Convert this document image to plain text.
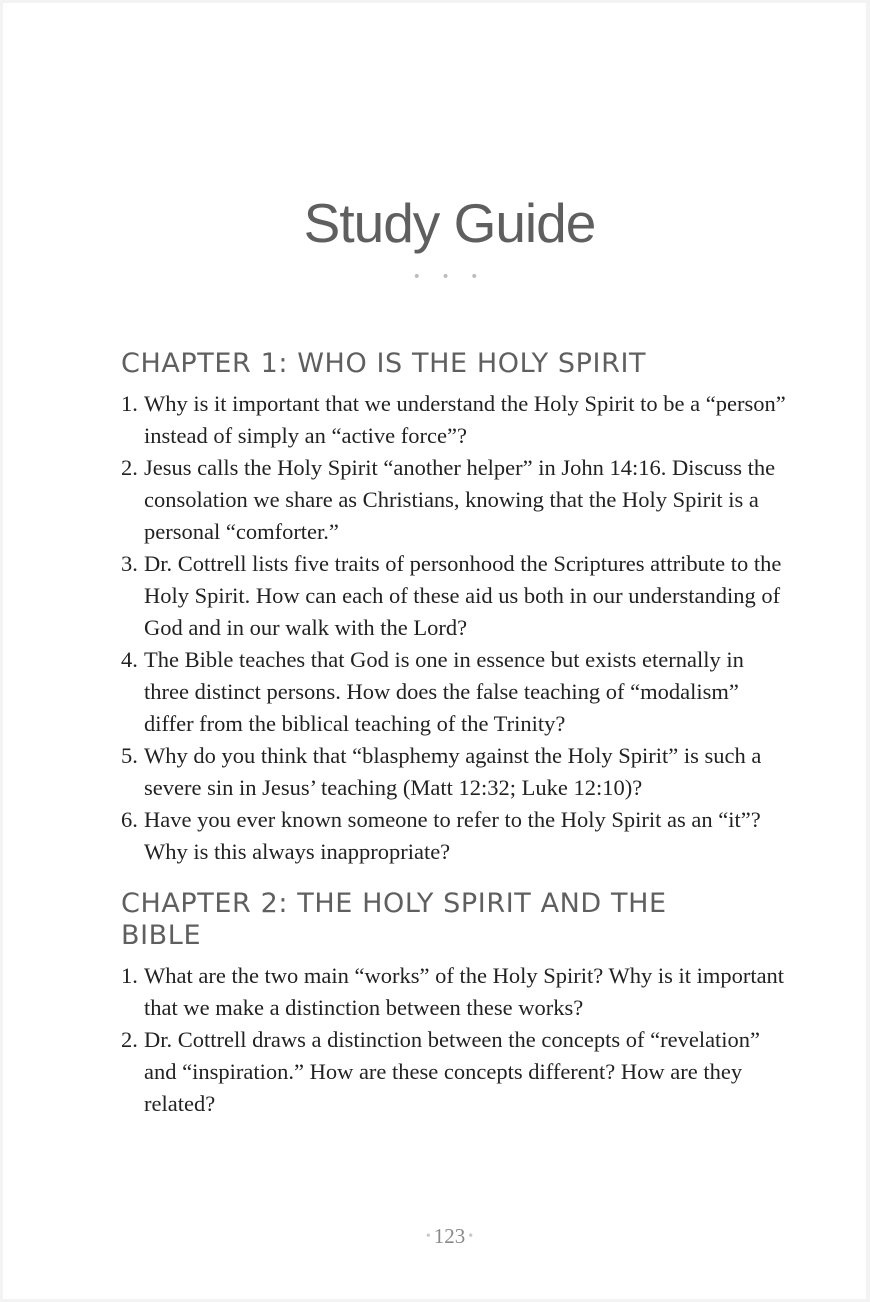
Study Guide
• • •
CHAPTER 1: WHO IS THE HOLY SPIRIT
1. Why is it important that we understand the Holy Spirit to be a “person” instead of simply an “active force”?
2. Jesus calls the Holy Spirit “another helper” in John 14:16. Discuss the consolation we share as Christians, knowing that the Holy Spirit is a personal “comforter.”
3. Dr. Cottrell lists five traits of personhood the Scriptures attribute to the Holy Spirit. How can each of these aid us both in our understanding of God and in our walk with the Lord?
4. The Bible teaches that God is one in essence but exists eternally in three distinct persons. How does the false teaching of “modalism” differ from the biblical teaching of the Trinity?
5. Why do you think that “blasphemy against the Holy Spirit” is such a severe sin in Jesus’ teaching (Matt 12:32; Luke 12:10)?
6. Have you ever known someone to refer to the Holy Spirit as an “it”? Why is this always inappropriate?
CHAPTER 2: THE HOLY SPIRIT AND THE BIBLE
1. What are the two main “works” of the Holy Spirit? Why is it important that we make a distinction between these works?
2. Dr. Cottrell draws a distinction between the concepts of “revelation” and “inspiration.” How are these concepts different? How are they related?
• 123 •
